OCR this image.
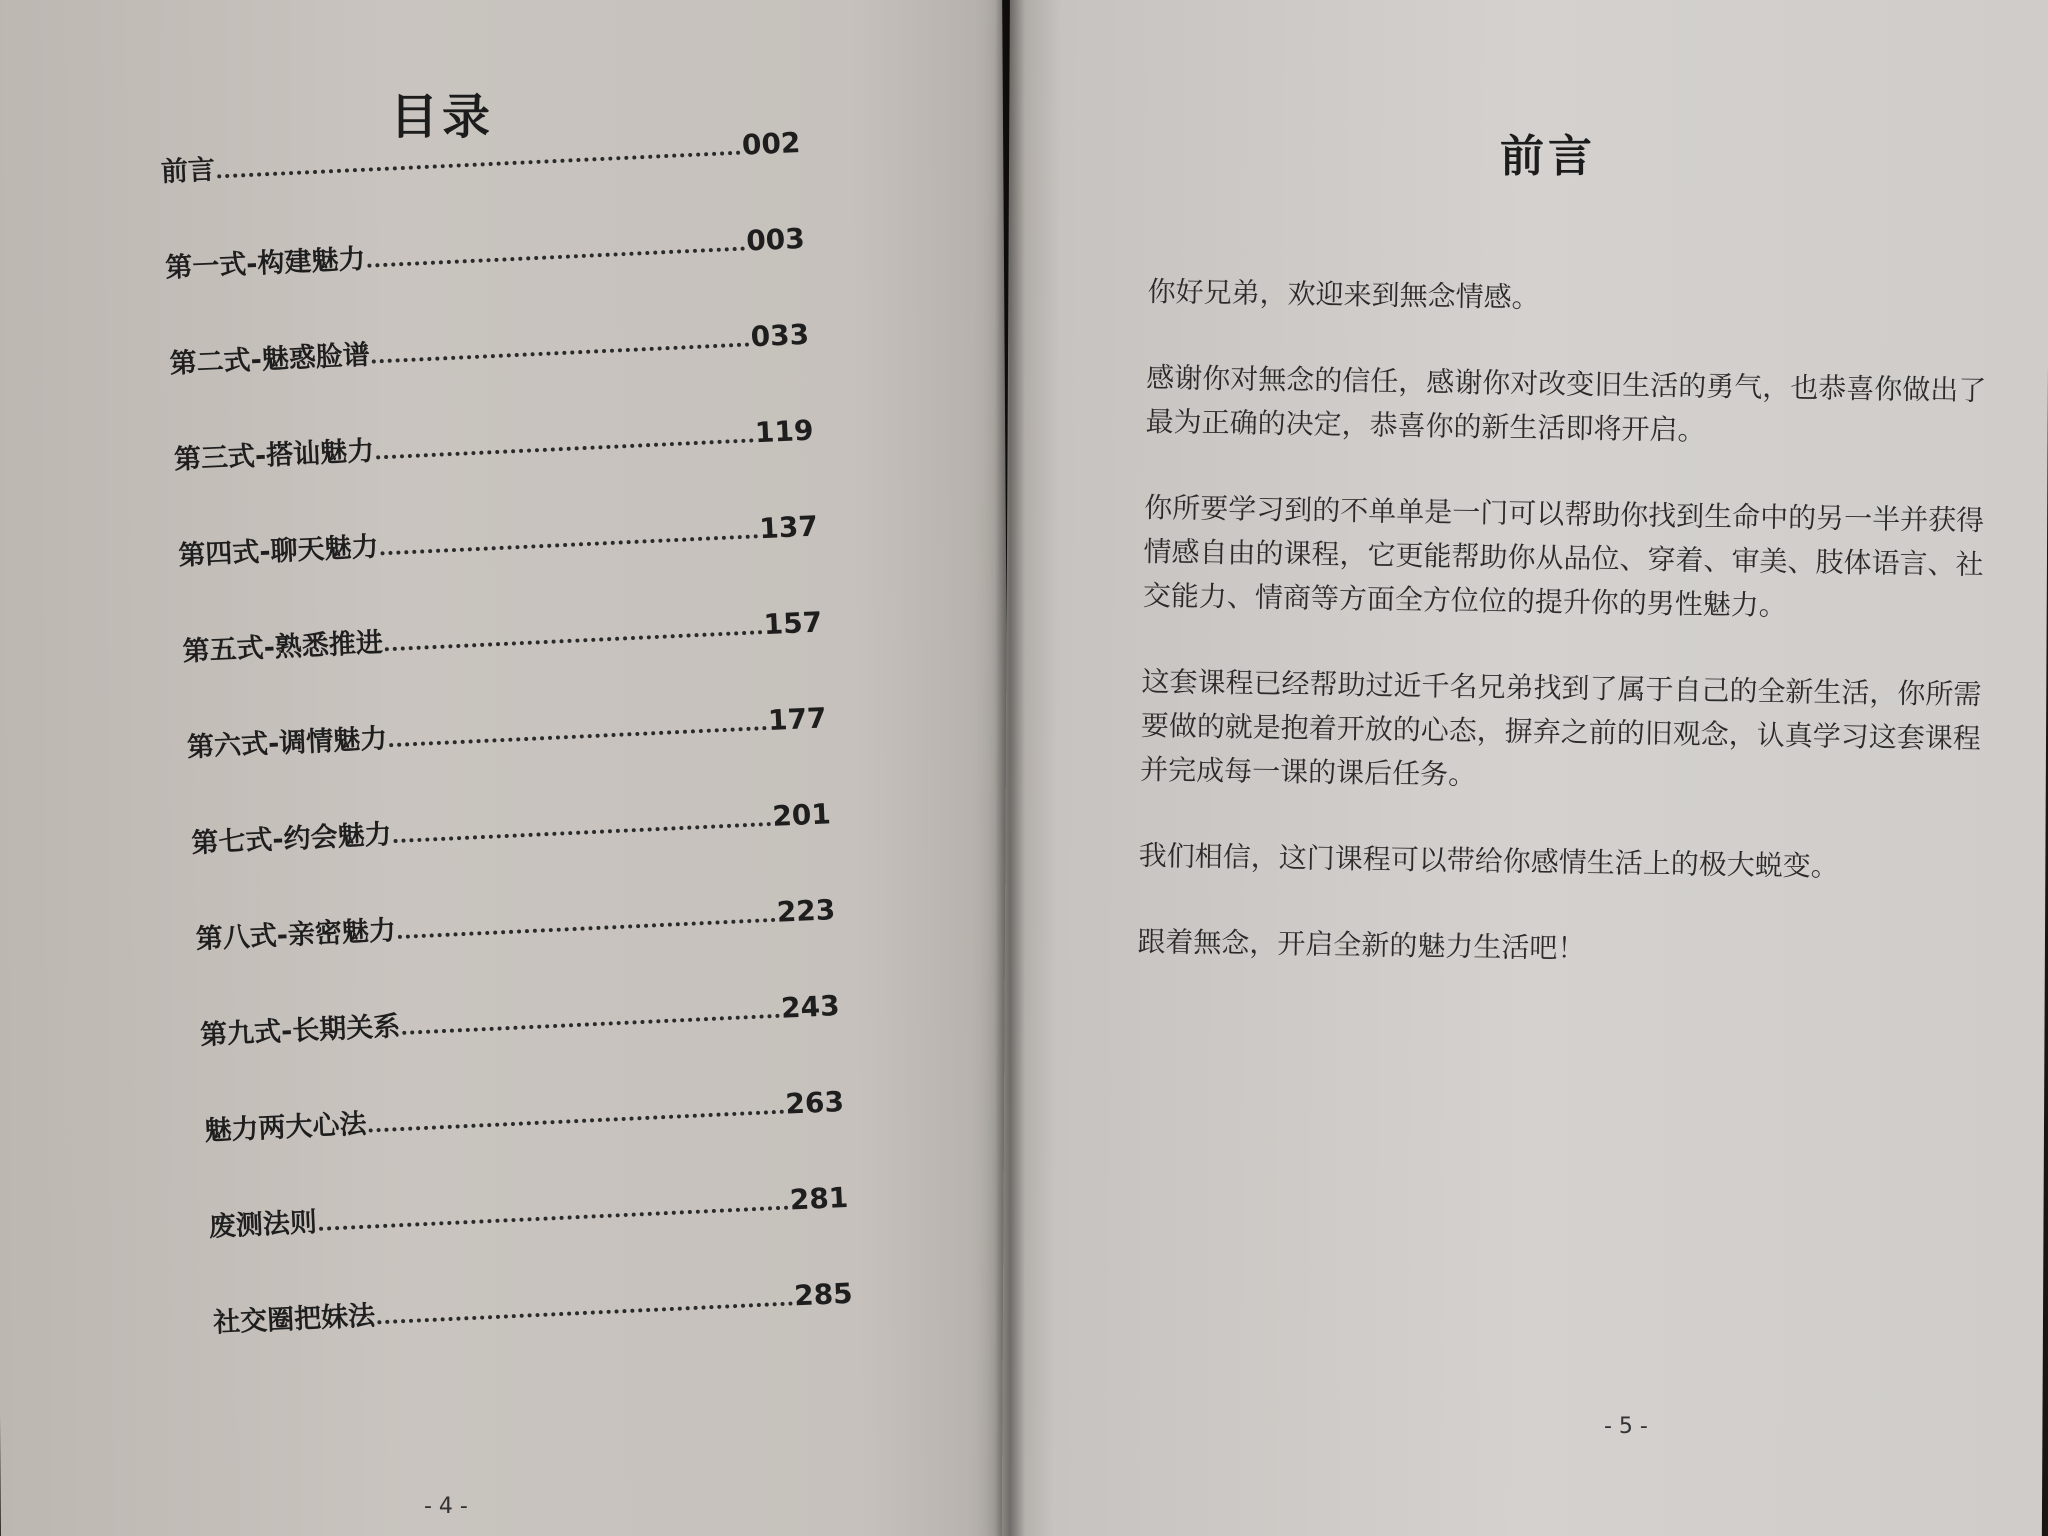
目录
前言
002
第一式-构建魅力
003
第二式-魅惑脸谱
033
第三式-搭讪魅力
119
第四式-聊天魅力
137
第五式-熟悉推进
157
第六式-调情魅力
177
第七式-约会魅力
201
第八式-亲密魅力
223
第九式-长期关系
243
魅力两大心法
263
废测法则
281
社交圈把妹法
285
- 4 -
前言

你好兄弟，欢迎来到無念情感。

感谢你对無念的信任，感谢你对改变旧生活的勇气，也恭喜你做出了最为正确的决定，恭喜你的新生活即将开启。

你所要学习到的不单单是一门可以帮助你找到生命中的另一半并获得情感自由的课程，它更能帮助你从品位、穿着、审美、肢体语言、社交能力、情商等方面全方位位的提升你的男性魅力。

这套课程已经帮助过近千名兄弟找到了属于自己的全新生活，你所需要做的就是抱着开放的心态，摒弃之前的旧观念，认真学习这套课程并完成每一课的课后任务。

我们相信，这门课程可以带给你感情生活上的极大蜕变。

跟着無念，开启全新的魅力生活吧！

- 5 -
